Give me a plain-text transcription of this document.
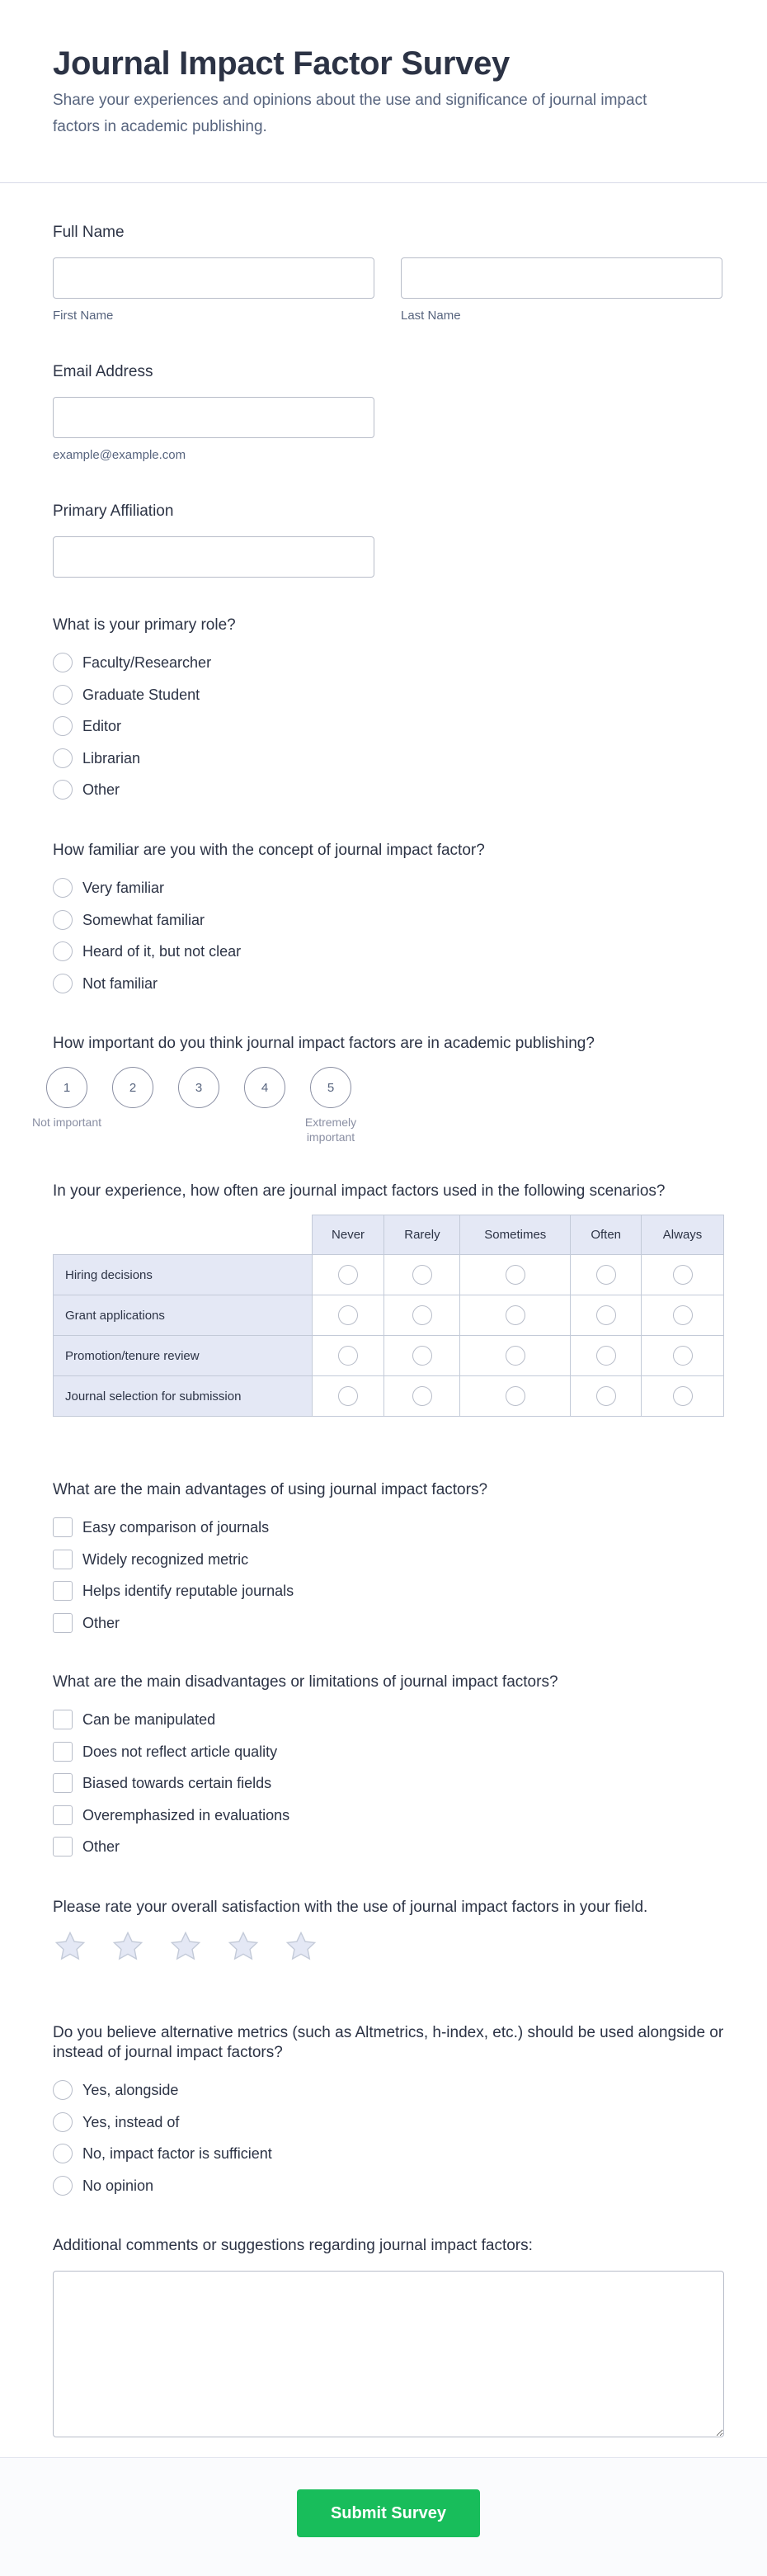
Journal Impact Factor Survey

Share your experiences and opinions about the use and significance of journal impact factors in academic publishing.

Full Name
First Name	Last Name
Email Address
example@example.com
Primary Affiliation
What is your primary role?
Faculty/Researcher
Graduate Student
Editor
Librarian
Other
How familiar are you with the concept of journal impact factor?
Very familiar
Somewhat familiar
Heard of it, but not clear
Not familiar
How important do you think journal impact factors are in academic publishing?
1
Not important
2	3	4	5
Extremely important
In your experience, how often are journal impact factors used in the following scenarios?
	Never	Rarely	Sometimes	Often	Always
Hiring decisions					
Grant applications					
Promotion/tenure review					
Journal selection for submission					
What are the main advantages of using journal impact factors?
Easy comparison of journals
Widely recognized metric
Helps identify reputable journals
Other
What are the main disadvantages or limitations of journal impact factors?
Can be manipulated
Does not reflect article quality
Biased towards certain fields
Overemphasized in evaluations
Other
Please rate your overall satisfaction with the use of journal impact factors in your field.
Do you believe alternative metrics (such as Altmetrics, h-index, etc.) should be used alongside or instead of journal impact factors?
Yes, alongside
Yes, instead of
No, impact factor is sufficient
No opinion
Additional comments or suggestions regarding journal impact factors:
Submit Survey
